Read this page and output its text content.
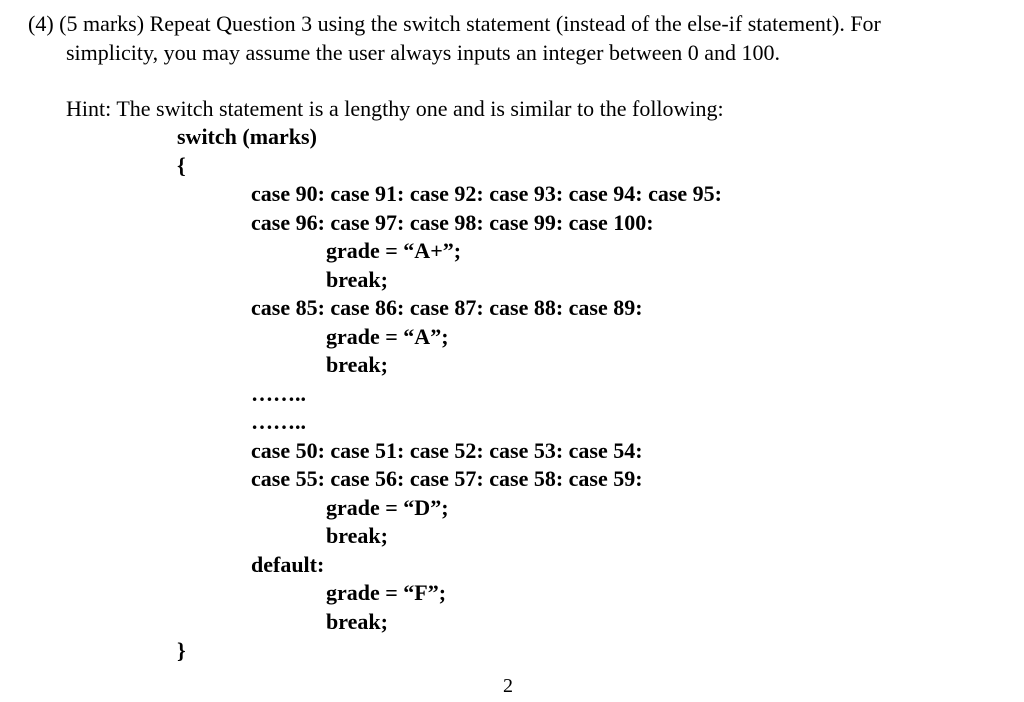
(4) (5 marks) Repeat Question 3 using the switch statement (instead of the else-if statement). For
simplicity, you may assume the user always inputs an integer between 0 and 100.
Hint: The switch statement is a lengthy one and is similar to the following:
switch (marks)
{
case 90: case 91: case 92: case 93: case 94: case 95:
case 96: case 97: case 98: case 99: case 100:
grade = “A+”;
break;
case 85: case 86: case 87: case 88: case 89:
grade = “A”;
break;
……..
……..
case 50: case 51: case 52: case 53: case 54:
case 55: case 56: case 57: case 58: case 59:
grade = “D”;
break;
default:
grade = “F”;
break;
}
2
